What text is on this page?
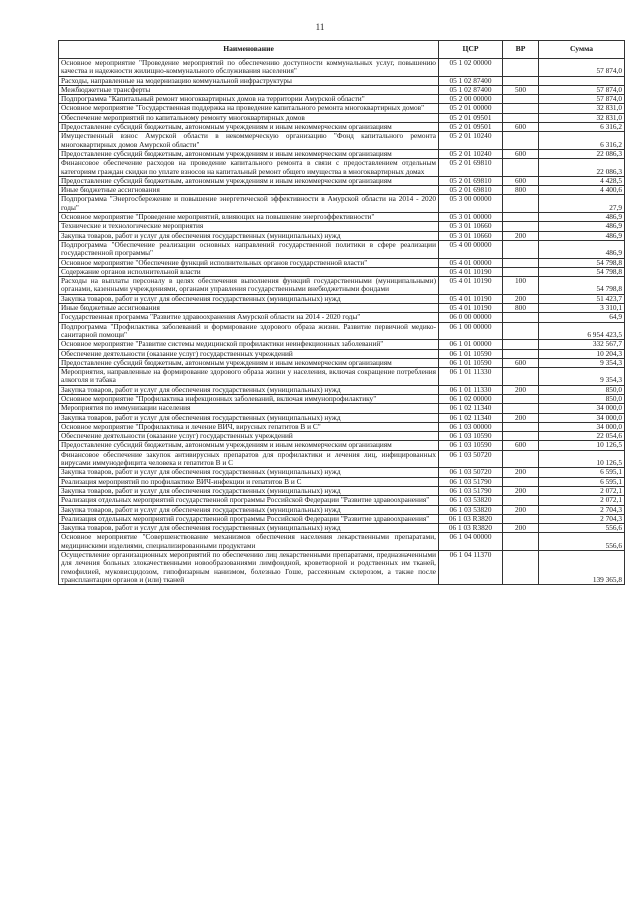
11
Наименование	ЦСР	ВР	Сумма
Основное мероприятие "Проведение мероприятий по обеспечению доступности коммунальных услуг, повышению качества и надежности жилищно-коммунального обслуживания населения"	05 1 02 00000		57 874,0
Расходы, направленные на модернизацию коммунальной инфраструктуры	05 1 02 87400		
Межбюджетные трансферты	05 1 02 87400	500	57 874,0
Подпрограмма "Капитальный ремонт многоквартирных домов на территории Амурской области"	05 2 00 00000		57 874,0
Основное мероприятие "Государственная поддержка на проведение капитального ремонта многоквартирных домов"	05 2 01 00000		32 831,0
Обеспечение мероприятий по капитальному ремонту многоквартирных домов	05 2 01 09501		32 831,0
Предоставление субсидий бюджетным, автономным учреждениям и иным некоммерческим организациям	05 2 01 09501	600	6 316,2
Имущественный взнос Амурской области в некоммерческую организацию "Фонд капитального ремонта многоквартирных домов Амурской области"	05 2 01 10240		6 316,2
Предоставление субсидий бюджетным, автономным учреждениям и иным некоммерческим организациям	05 2 01 10240	600	22 086,3
Финансовое обеспечение расходов на проведение капитального ремонта в связи с предоставлением отдельным категориям граждан скидки по уплате взносов на капитальный ремонт общего имущества в многоквартирных домах	05 2 01 69810		22 086,3
Предоставление субсидий бюджетным, автономным учреждениям и иным некоммерческим организациям	05 2 01 69810	600	4 428,5
Иные бюджетные ассигнования	05 2 01 69810	800	4 400,6
Подпрограмма "Энергосбережение и повышение энергетической эффективности в Амурской области на 2014 - 2020 годы"	05 3 00 00000		27,9
Основное мероприятие "Проведение мероприятий, влияющих на повышение энергоэффективности"	05 3 01 00000		486,9
Технические и технологические мероприятия	05 3 01 10660		486,9
Закупка товаров, работ и услуг для обеспечения государственных (муниципальных) нужд	05 3 01 10660	200	486,9
Подпрограмма "Обеспечение реализации основных направлений государственной политики в сфере реализации государственной программы"	05 4 00 00000		486,9
Основное мероприятие "Обеспечение функций исполнительных органов государственной власти"	05 4 01 00000		54 798,8
Содержание органов исполнительной власти	05 4 01 10190		54 798,8
Расходы на выплаты персоналу в целях обеспечения выполнения функций государственными (муниципальными) органами, казенными учреждениями, органами управления государственными внебюджетными фондами	05 4 01 10190	100	54 798,8
Закупка товаров, работ и услуг для обеспечения государственных (муниципальных) нужд	05 4 01 10190	200	51 423,7
Иные бюджетные ассигнования	05 4 01 10190	800	3 310,1
Государственная программа "Развитие здравоохранения Амурской области на 2014 - 2020 годы"	06 0 00 00000		64,9
Подпрограмма "Профилактика заболеваний и формирование здорового образа жизни. Развитие первичной медико-санитарной помощи"	06 1 00 00000		6 954 423,5
Основное мероприятие "Развитие системы медицинской профилактики неинфекционных заболеваний"	06 1 01 00000		332 567,7
Обеспечение деятельности (оказание услуг) государственных учреждений	06 1 01 10590		10 204,3
Предоставление субсидий бюджетным, автономным учреждениям и иным некоммерческим организациям	06 1 01 10590	600	9 354,3
Мероприятия, направленные на формирование здорового образа жизни у населения, включая сокращение потребления алкоголя и табака	06 1 01 11330		9 354,3
Закупка товаров, работ и услуг для обеспечения государственных (муниципальных) нужд	06 1 01 11330	200	850,0
Основное мероприятие "Профилактика инфекционных заболеваний, включая иммунопрофилактику"	06 1 02 00000		850,0
Мероприятия по иммунизации населения	06 1 02 11340		34 000,0
Закупка товаров, работ и услуг для обеспечения государственных (муниципальных) нужд	06 1 02 11340	200	34 000,0
Основное мероприятие "Профилактика и лечение ВИЧ, вирусных гепатитов В и С"	06 1 03 00000		34 000,0
Обеспечение деятельности (оказание услуг) государственных учреждений	06 1 03 10590		22 054,6
Предоставление субсидий бюджетным, автономным учреждениям и иным некоммерческим организациям	06 1 03 10590	600	10 126,5
Финансовое обеспечение закупок антивирусных препаратов для профилактики и лечения лиц, инфицированных вирусами иммунодефицита человека и гепатитов В и С	06 1 03 50720		10 126,5
Закупка товаров, работ и услуг для обеспечения государственных (муниципальных) нужд	06 1 03 50720	200	6 595,1
Реализация мероприятий по профилактике ВИЧ-инфекции и гепатитов В и С	06 1 03 51790		6 595,1
Закупка товаров, работ и услуг для обеспечения государственных (муниципальных) нужд	06 1 03 51790	200	2 072,1
Реализация отдельных мероприятий государственной программы Российской Федерации "Развитие здравоохранения"	06 1 03 53820		2 072,1
Закупка товаров, работ и услуг для обеспечения государственных (муниципальных) нужд	06 1 03 53820	200	2 704,3
Реализация отдельных мероприятий государственной программы Российской Федерации "Развитие здравоохранения"	06 1 03 R3820		2 704,3
Закупка товаров, работ и услуг для обеспечения государственных (муниципальных) нужд	06 1 03 R3820	200	556,6
Основное мероприятие "Совершенствование механизмов обеспечения населения лекарственными препаратами, медицинскими изделиями, специализированными продуктами	06 1 04 00000		556,6
Осуществление организационных мероприятий по обеспечению лиц лекарственными препаратами, предназначенными для лечения больных злокачественными новообразованиями лимфоидной, кроветворной и родственных им тканей, гемофилией, муковисцидозом, гипофизарным нанизмом, болезнью Гоше, рассеянным склерозом, а также после трансплантации органов и (или) тканей	06 1 04 11370		139 365,8
